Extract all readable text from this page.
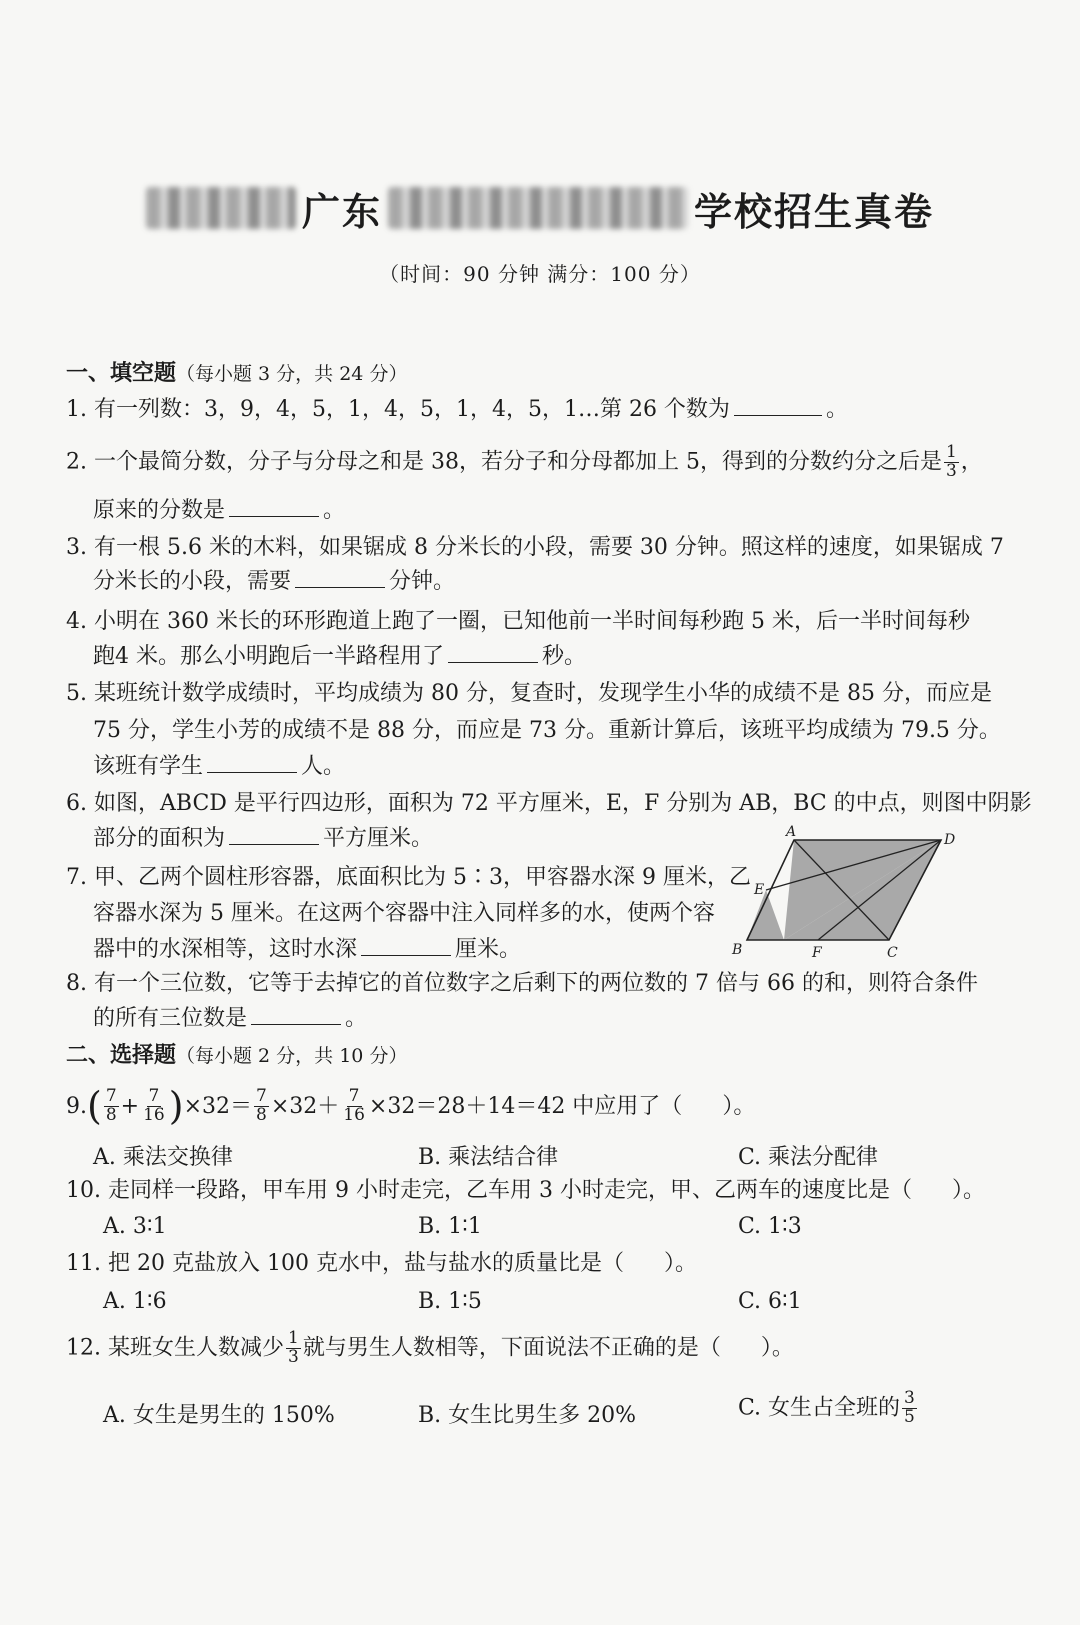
广东	学校招生真卷
（时间：90 分钟 满分：100 分）
一、填空题（每小题 3 分，共 24 分）
1. 有一列数：3，9，4，5，1，4，5，1，4，5，1…第 26 个数为	。
2. 一个最简分数，分子与分母之和是 38，若分子和分母都加上 5，得到的分数约分之后是 $\frac{1}{3}$ ，
原来的分数是	。
3. 有一根 5.6 米的木料，如果锯成 8 分米长的小段，需要 30 分钟。照这样的速度，如果锯成 7
分米长的小段，需要	分钟。
4. 小明在 360 米长的环形跑道上跑了一圈，已知他前一半时间每秒跑 5 米，后一半时间每秒
跑4 米。那么小明跑后一半路程用了	秒。
5. 某班统计数学成绩时，平均成绩为 80 分，复查时，发现学生小华的成绩不是 85 分，而应是
75 分，学生小芳的成绩不是 88 分，而应是 73 分。重新计算后，该班平均成绩为 79.5 分。
该班有学生	人。
6. 如图，ABCD 是平行四边形，面积为 72 平方厘米，E，F 分别为 AB，BC 的中点，则图中阴影
部分的面积为	平方厘米。
7. 甲、乙两个圆柱形容器，底面积比为 5∶3，甲容器水深 9 厘米，乙
容器水深为 5 厘米。在这两个容器中注入同样多的水，使两个容
器中的水深相等，这时水深	厘米。
A	D
E
B	F	C
8. 有一个三位数，它等于去掉它的首位数字之后剩下的两位数的 7 倍与 66 的和，则符合条件
的所有三位数是	。
二、选择题（每小题 2 分，共 10 分）
$9.( \frac{7}{8} + \frac{7}{16} )\times 32= \frac{7}{8} \times 32+ \frac{7}{16} \times 32=28+14=42$ 中应用了（ ）。
A. 乘法交换律	B. 乘法结合律	C. 乘法分配律
10. 走同样一段路，甲车用 9 小时走完，乙车用 3 小时走完，甲、乙两车的速度比是（ ）。
A. 3∶1	B. 1∶1	C. 1∶3
11. 把 20 克盐放入 100 克水中，盐与盐水的质量比是（ ）。
A. 1∶6	B. 1∶5	C. 6∶1
12. 某班女生人数减少 $\frac{1}{3}$ 就与男生人数相等，下面说法不正确的是（ ）。
A. 女生是男生的 150%	B. 女生比男生多 20%	C. 女生占全班的 $\frac{3}{5}$
